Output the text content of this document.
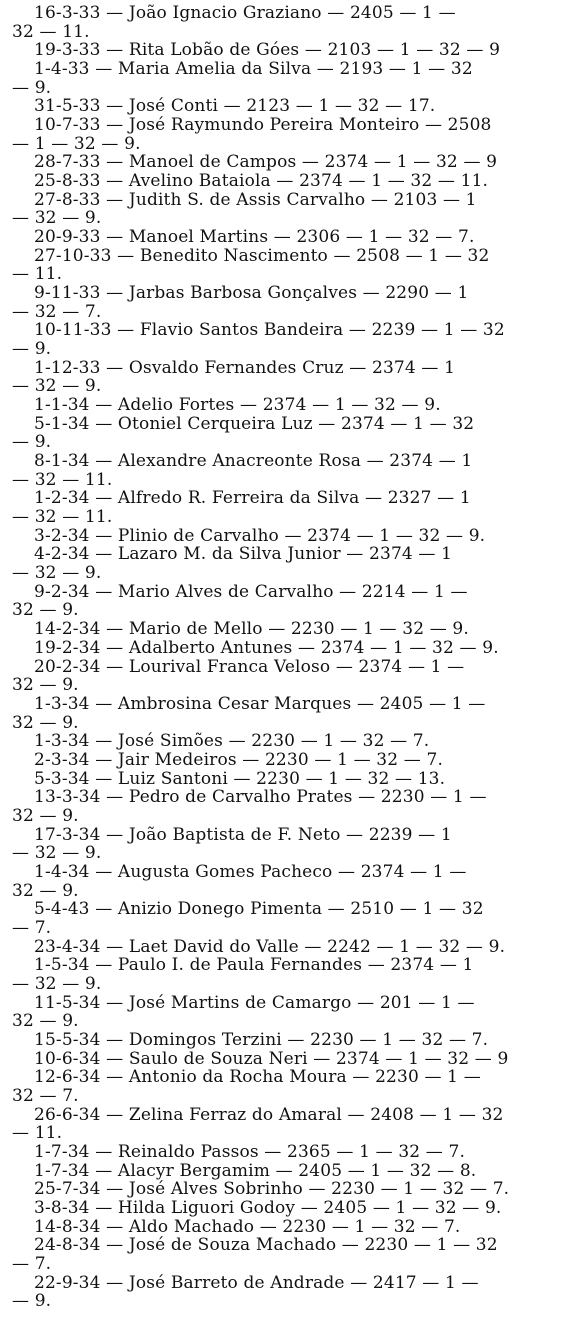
16-3-33 — João Ignacio Graziano — 2405 — 1 —
32 — 11.
19-3-33 — Rita Lobão de Góes — 2103 — 1 — 32 — 9
1-4-33 — Maria Amelia da Silva — 2193 — 1 — 32
— 9.
31-5-33 — José Conti — 2123 — 1 — 32 — 17.
10-7-33 — José Raymundo Pereira Monteiro — 2508
— 1 — 32 — 9.
28-7-33 — Manoel de Campos — 2374 — 1 — 32 — 9
25-8-33 — Avelino Bataiola — 2374 — 1 — 32 — 11.
27-8-33 — Judith S. de Assis Carvalho — 2103 — 1
— 32 — 9.
20-9-33 — Manoel Martins — 2306 — 1 — 32 — 7.
27-10-33 — Benedito Nascimento — 2508 — 1 — 32
— 11.
9-11-33 — Jarbas Barbosa Gonçalves — 2290 — 1
— 32 — 7.
10-11-33 — Flavio Santos Bandeira — 2239 — 1 — 32
— 9.
1-12-33 — Osvaldo Fernandes Cruz — 2374 — 1
— 32 — 9.
1-1-34 — Adelio Fortes — 2374 — 1 — 32 — 9.
5-1-34 — Otoniel Cerqueira Luz — 2374 — 1 — 32
— 9.
8-1-34 — Alexandre Anacreonte Rosa — 2374 — 1
— 32 — 11.
1-2-34 — Alfredo R. Ferreira da Silva — 2327 — 1
— 32 — 11.
3-2-34 — Plinio de Carvalho — 2374 — 1 — 32 — 9.
4-2-34 — Lazaro M. da Silva Junior — 2374 — 1
— 32 — 9.
9-2-34 — Mario Alves de Carvalho — 2214 — 1 —
32 — 9.
14-2-34 — Mario de Mello — 2230 — 1 — 32 — 9.
19-2-34 — Adalberto Antunes — 2374 — 1 — 32 — 9.
20-2-34 — Lourival Franca Veloso — 2374 — 1 —
32 — 9.
1-3-34 — Ambrosina Cesar Marques — 2405 — 1 —
32 — 9.
1-3-34 — José Simões — 2230 — 1 — 32 — 7.
2-3-34 — Jair Medeiros — 2230 — 1 — 32 — 7.
5-3-34 — Luiz Santoni — 2230 — 1 — 32 — 13.
13-3-34 — Pedro de Carvalho Prates — 2230 — 1 —
32 — 9.
17-3-34 — João Baptista de F. Neto — 2239 — 1
— 32 — 9.
1-4-34 — Augusta Gomes Pacheco — 2374 — 1 —
32 — 9.
5-4-43 — Anizio Donego Pimenta — 2510 — 1 — 32
— 7.
23-4-34 — Laet David do Valle — 2242 — 1 — 32 — 9.
1-5-34 — Paulo I. de Paula Fernandes — 2374 — 1
— 32 — 9.
11-5-34 — José Martins de Camargo — 201 — 1 —
32 — 9.
15-5-34 — Domingos Terzini — 2230 — 1 — 32 — 7.
10-6-34 — Saulo de Souza Neri — 2374 — 1 — 32 — 9
12-6-34 — Antonio da Rocha Moura — 2230 — 1 —
32 — 7.
26-6-34 — Zelina Ferraz do Amaral — 2408 — 1 — 32
— 11.
1-7-34 — Reinaldo Passos — 2365 — 1 — 32 — 7.
1-7-34 — Alacyr Bergamim — 2405 — 1 — 32 — 8.
25-7-34 — José Alves Sobrinho — 2230 — 1 — 32 — 7.
3-8-34 — Hilda Liguori Godoy — 2405 — 1 — 32 — 9.
14-8-34 — Aldo Machado — 2230 — 1 — 32 — 7.
24-8-34 — José de Souza Machado — 2230 — 1 — 32
— 7.
22-9-34 — José Barreto de Andrade — 2417 — 1 —
— 9.
